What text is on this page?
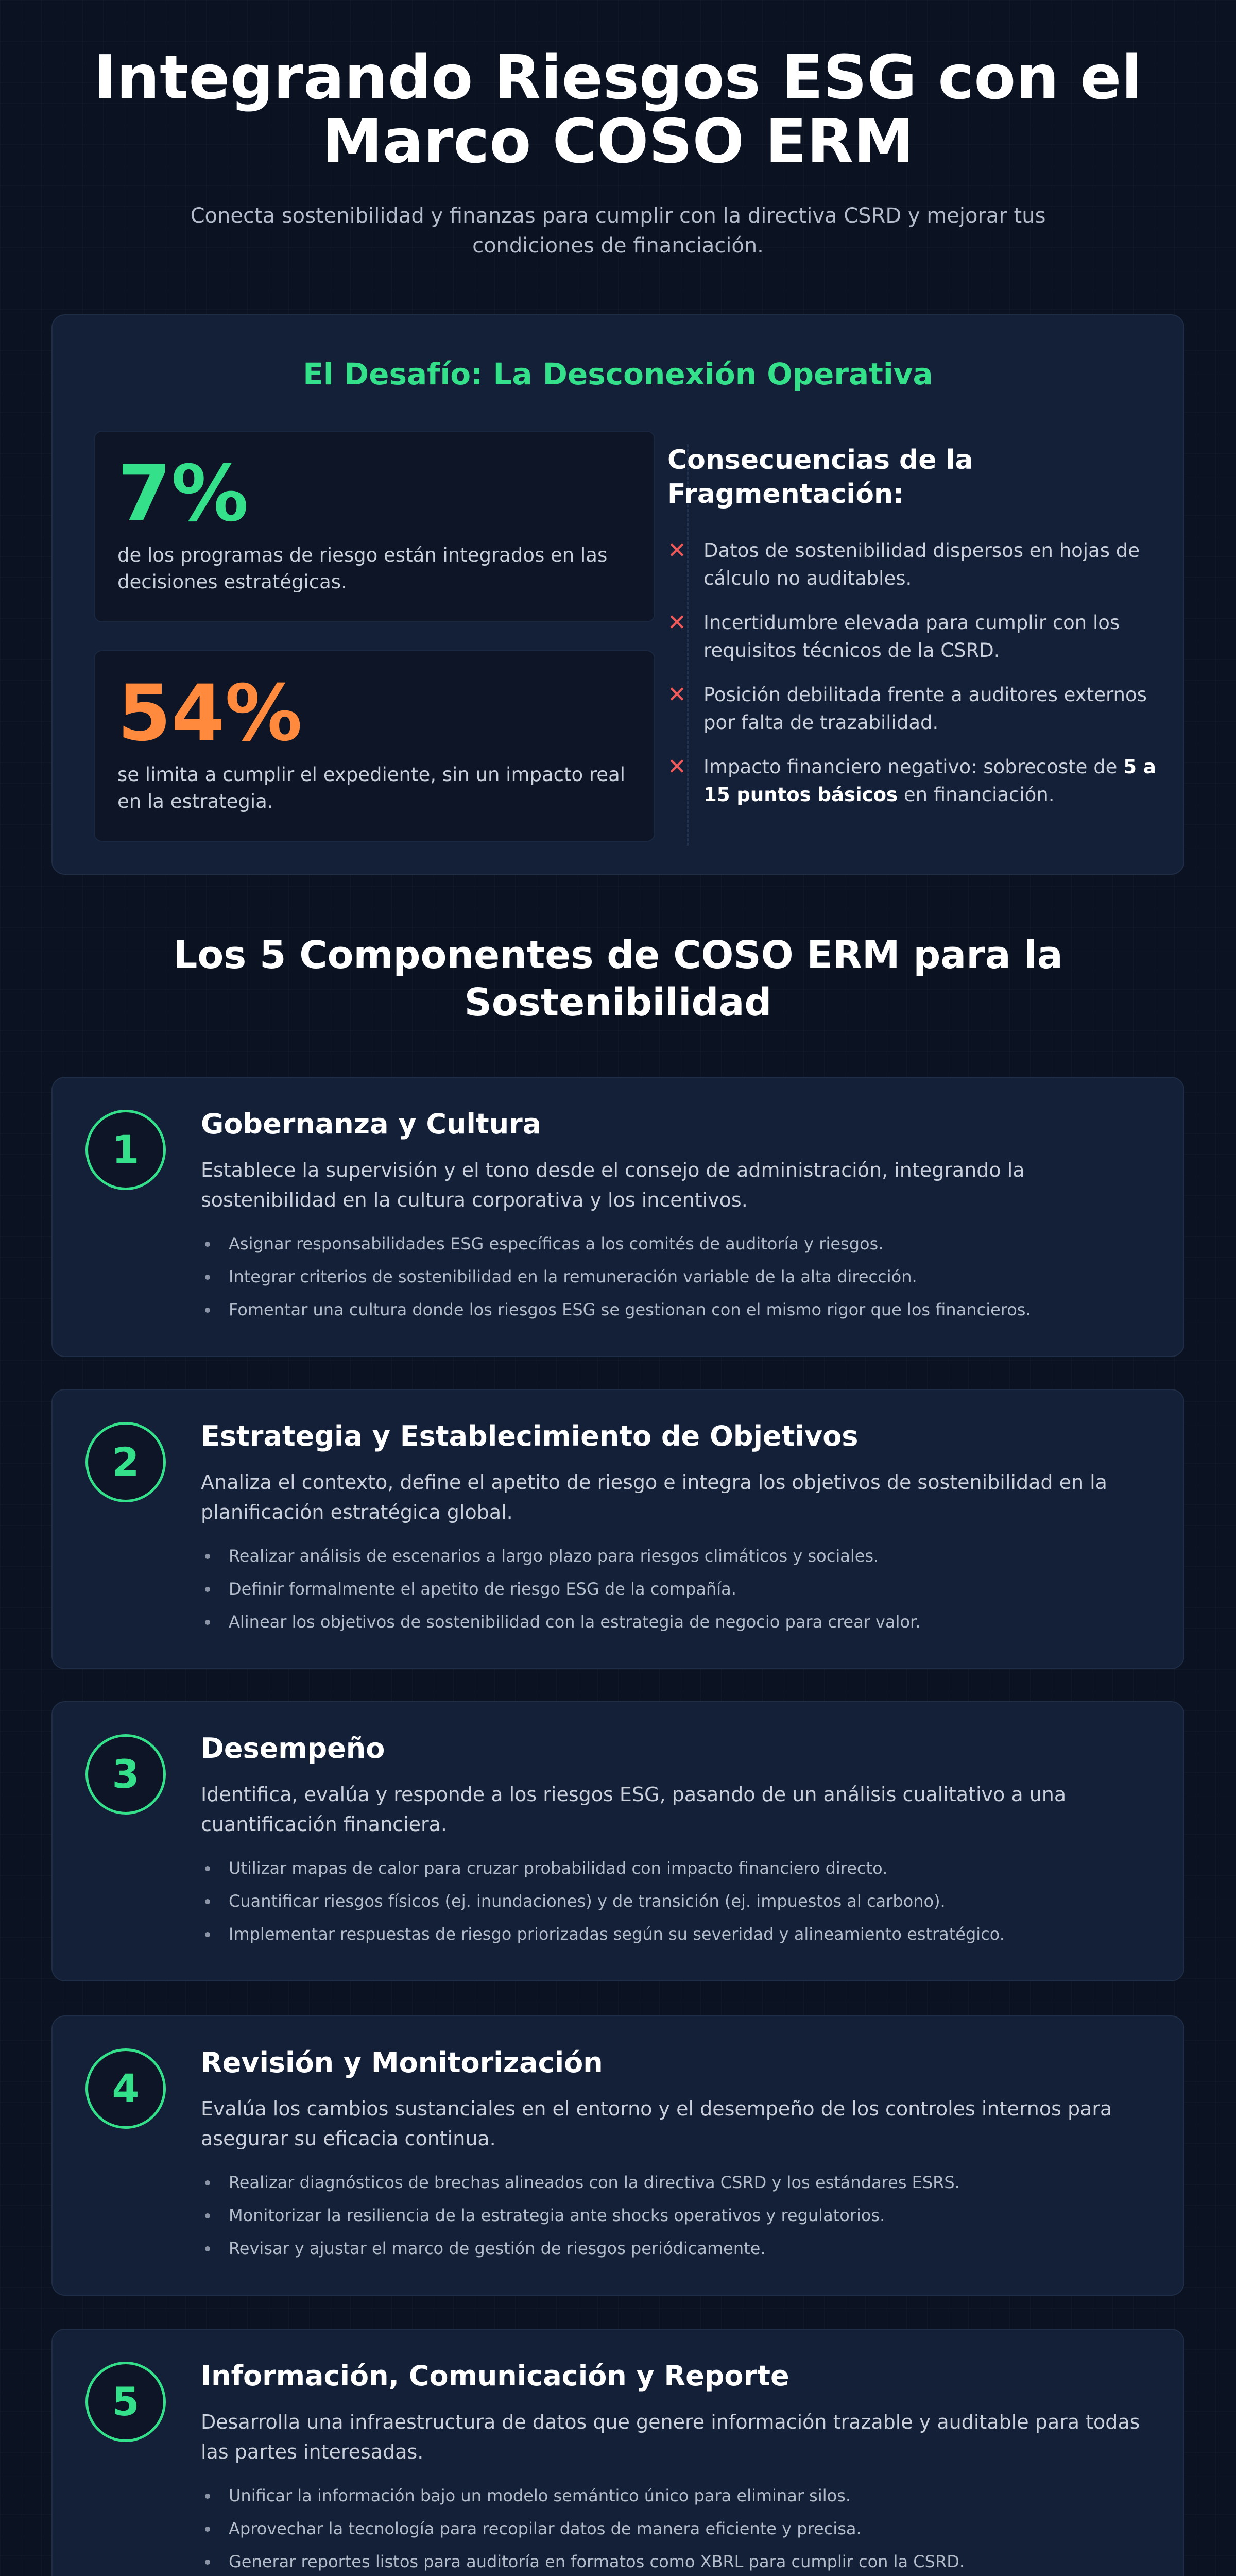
Integrando Riesgos ESG con el Marco COSO ERM

Conecta sostenibilidad y finanzas para cumplir con la directiva CSRD y mejorar tus condiciones de financiación.

El Desafío: La Desconexión Operativa
7%
de los programas de riesgo están integrados en las decisiones estratégicas.
54%
se limita a cumplir el expediente, sin un impacto real en la estrategia.
Consecuencias de la Fragmentación:
✕ Datos de sostenibilidad dispersos en hojas de cálculo no auditables.
✕ Incertidumbre elevada para cumplir con los requisitos técnicos de la CSRD.
✕ Posición debilitada frente a auditores externos por falta de trazabilidad.
✕ Impacto financiero negativo: sobrecoste de 5 a 15 puntos básicos en financiación.
Los 5 Componentes de COSO ERM para la Sostenibilidad
1
Gobernanza y Cultura

Establece la supervisión y el tono desde el consejo de administración, integrando la sostenibilidad en la cultura corporativa y los incentivos.

Asignar responsabilidades ESG específicas a los comités de auditoría y riesgos.
Integrar criterios de sostenibilidad en la remuneración variable de la alta dirección.
Fomentar una cultura donde los riesgos ESG se gestionan con el mismo rigor que los financieros.
2
Estrategia y Establecimiento de Objetivos

Analiza el contexto, define el apetito de riesgo e integra los objetivos de sostenibilidad en la planificación estratégica global.

Realizar análisis de escenarios a largo plazo para riesgos climáticos y sociales.
Definir formalmente el apetito de riesgo ESG de la compañía.
Alinear los objetivos de sostenibilidad con la estrategia de negocio para crear valor.
3
Desempeño

Identifica, evalúa y responde a los riesgos ESG, pasando de un análisis cualitativo a una cuantificación financiera.

Utilizar mapas de calor para cruzar probabilidad con impacto financiero directo.
Cuantificar riesgos físicos (ej. inundaciones) y de transición (ej. impuestos al carbono).
Implementar respuestas de riesgo priorizadas según su severidad y alineamiento estratégico.
4
Revisión y Monitorización

Evalúa los cambios sustanciales en el entorno y el desempeño de los controles internos para asegurar su eficacia continua.

Realizar diagnósticos de brechas alineados con la directiva CSRD y los estándares ESRS.
Monitorizar la resiliencia de la estrategia ante shocks operativos y regulatorios.
Revisar y ajustar el marco de gestión de riesgos periódicamente.
5
Información, Comunicación y Reporte

Desarrolla una infraestructura de datos que genere información trazable y auditable para todas las partes interesadas.

Unificar la información bajo un modelo semántico único para eliminar silos.
Aprovechar la tecnología para recopilar datos de manera eficiente y precisa.
Generar reportes listos para auditoría en formatos como XBRL para cumplir con la CSRD.
